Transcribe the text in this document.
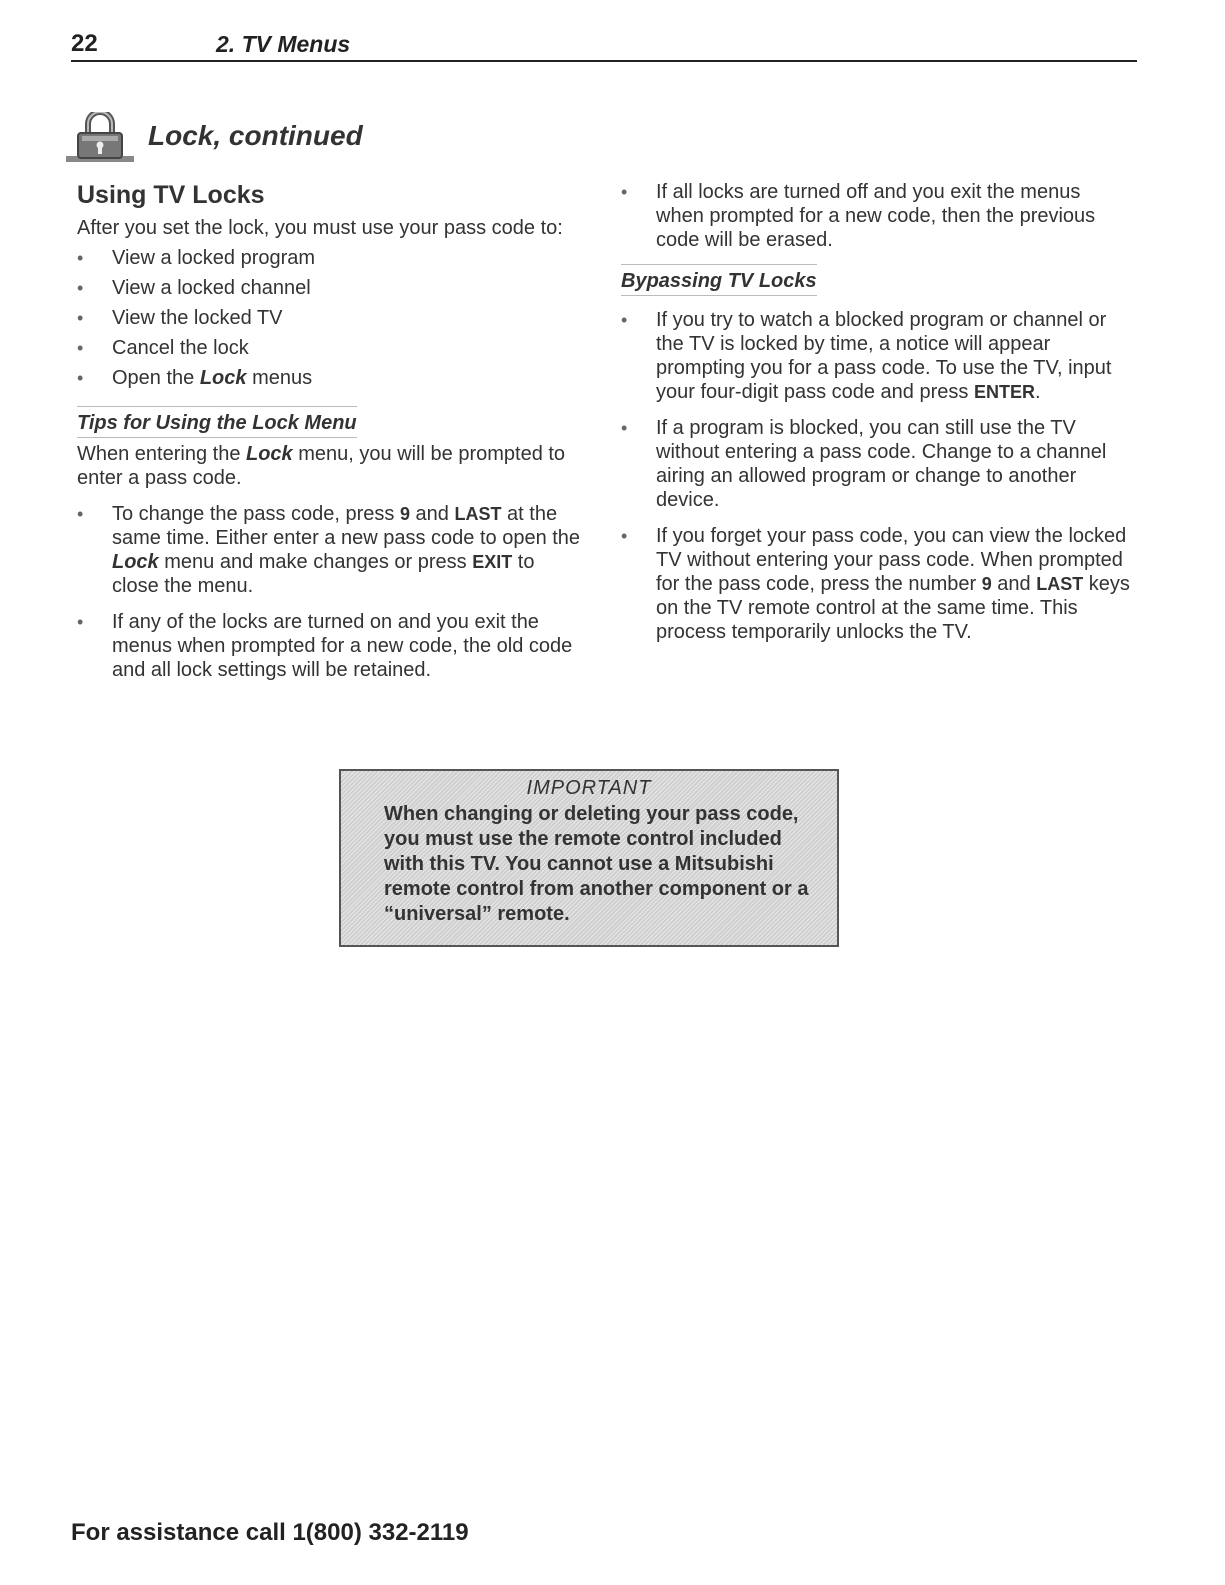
22	2. TV Menus
Lock, continued
Using TV Locks

After you set the lock, you must use your pass code to:

• View a locked program
• View a locked channel
• View the locked TV
• Cancel the lock
• Open the Lock menus
Tips for Using the Lock Menu

When entering the Lock menu, you will be prompted to enter a pass code.

• To change the pass code, press 9 and LAST at the same time. Either enter a new pass code to open the Lock menu and make changes or press EXIT to close the menu.
• If any of the locks are turned on and you exit the menus when prompted for a new code, the old code and all lock settings will be retained.
• If all locks are turned off and you exit the menus when prompted for a new code, then the previous code will be erased.
Bypassing TV Locks
• If you try to watch a blocked program or channel or the TV is locked by time, a notice will appear prompting you for a pass code. To use the TV, input your four-digit pass code and press ENTER.
• If a program is blocked, you can still use the TV without entering a pass code. Change to a channel airing an allowed program or change to another device.
• If you forget your pass code, you can view the locked TV without entering your pass code. When prompted for the pass code, press the number 9 and LAST keys on the TV remote control at the same time. This process temporarily unlocks the TV.
IMPORTANT
When changing or deleting your pass code, you must use the remote control included with this TV. You cannot use a Mitsubishi remote control from another component or a “universal” remote.
For assistance call 1(800) 332-2119
